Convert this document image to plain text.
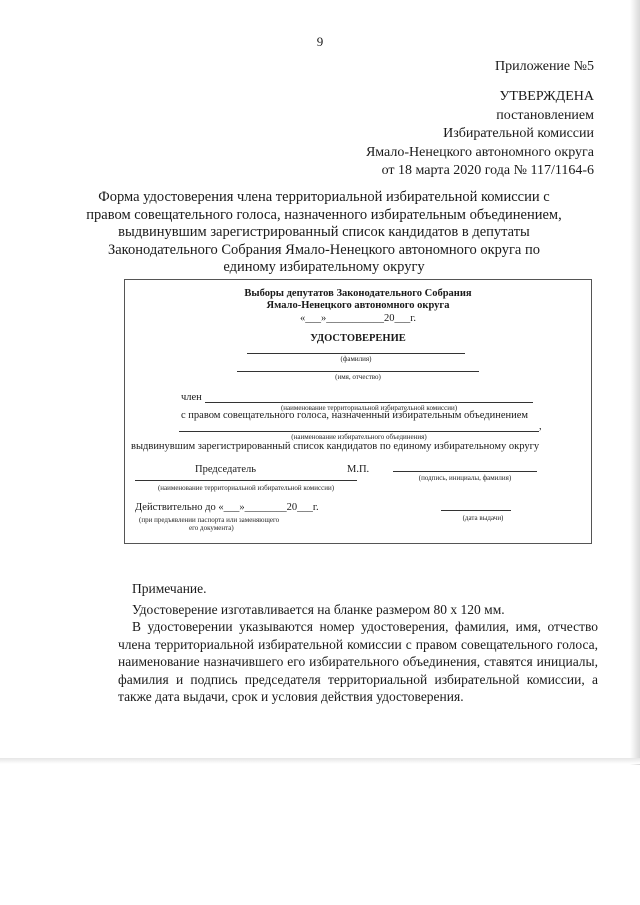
9
Приложение №5
УТВЕРЖДЕНА
постановлением
Избирательной комиссии
Ямало-Ненецкого автономного округа
от 18 марта 2020 года № 117/1164-6
Форма удостоверения члена территориальной избирательной комиссии с
правом совещательного голоса, назначенного избирательным объединением,
выдвинувшим зарегистрированный список кандидатов в депутаты
Законодательного Собрания Ямало-Ненецкого автономного округа по
единому избирательному округу
Выборы депутатов Законодательного Собрания
Ямало-Ненецкого автономного округа
«___»___________20___г.
УДОСТОВЕРЕНИЕ
(фамилия)
(имя, отчество)
член
(наименование территориальной избирательной комиссии)
с правом совещательного голоса, назначенный избирательным объединением
,
(наименование избирательного объединения)
выдвинувшим зарегистрированный список кандидатов по единому избирательному округу
Председатель	М.П.
(подпись, инициалы, фамилия)
(наименование территориальной избирательной комиссии)
Действительно до «___»________20___г.
(при предъявлении паспорта или заменяющего
его документа)
(дата выдачи)

Примечание.

Удостоверение изготавливается на бланке размером 80 х 120 мм.

В удостоверении указываются номер удостоверения, фамилия, имя, отчество члена территориальной избирательной комиссии с правом совещательного голоса, наименование назначившего его избирательного объединения, ставятся инициалы, фамилия и подпись председателя территориальной избирательной комиссии, а также дата выдачи, срок и условия действия удостоверения.
